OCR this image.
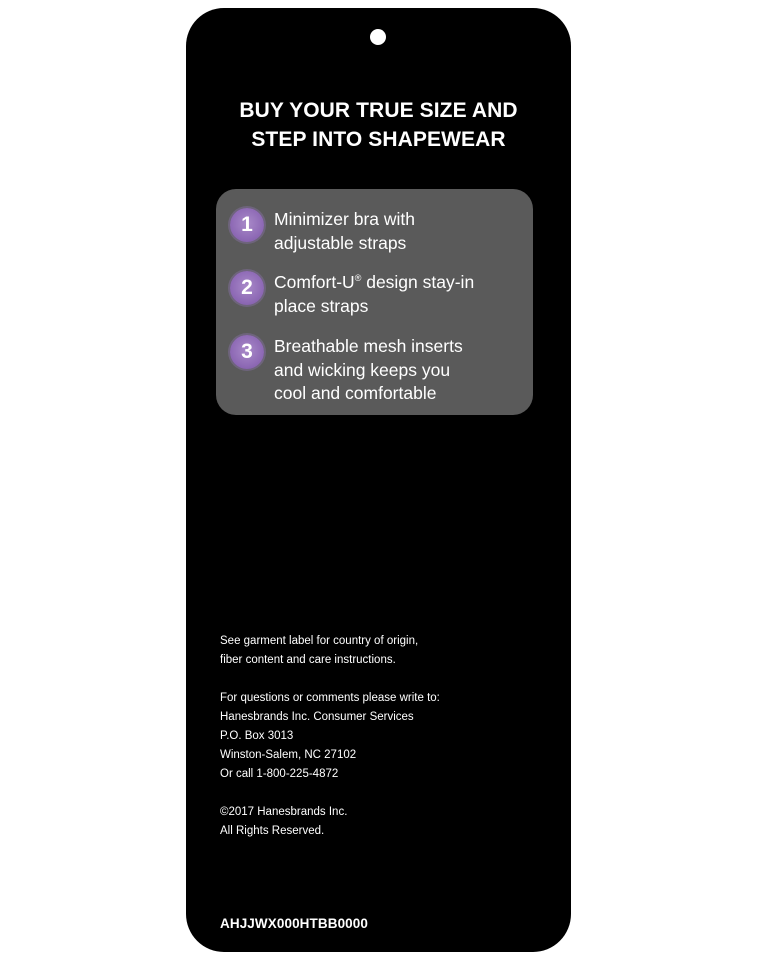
BUY YOUR TRUE SIZE AND
STEP INTO SHAPEWEAR
1	Minimizer bra with
adjustable straps

2	Comfort-U® design stay-in
place straps

3	Breathable mesh inserts
and wicking keeps you
cool and comfortable

See garment label for country of origin,
fiber content and care instructions.

For questions or comments please write to:
Hanesbrands Inc. Consumer Services
P.O. Box 3013
Winston-Salem, NC 27102
Or call 1-800-225-4872

©2017 Hanesbrands Inc.
All Rights Reserved.

AHJJWX000HTBB0000
